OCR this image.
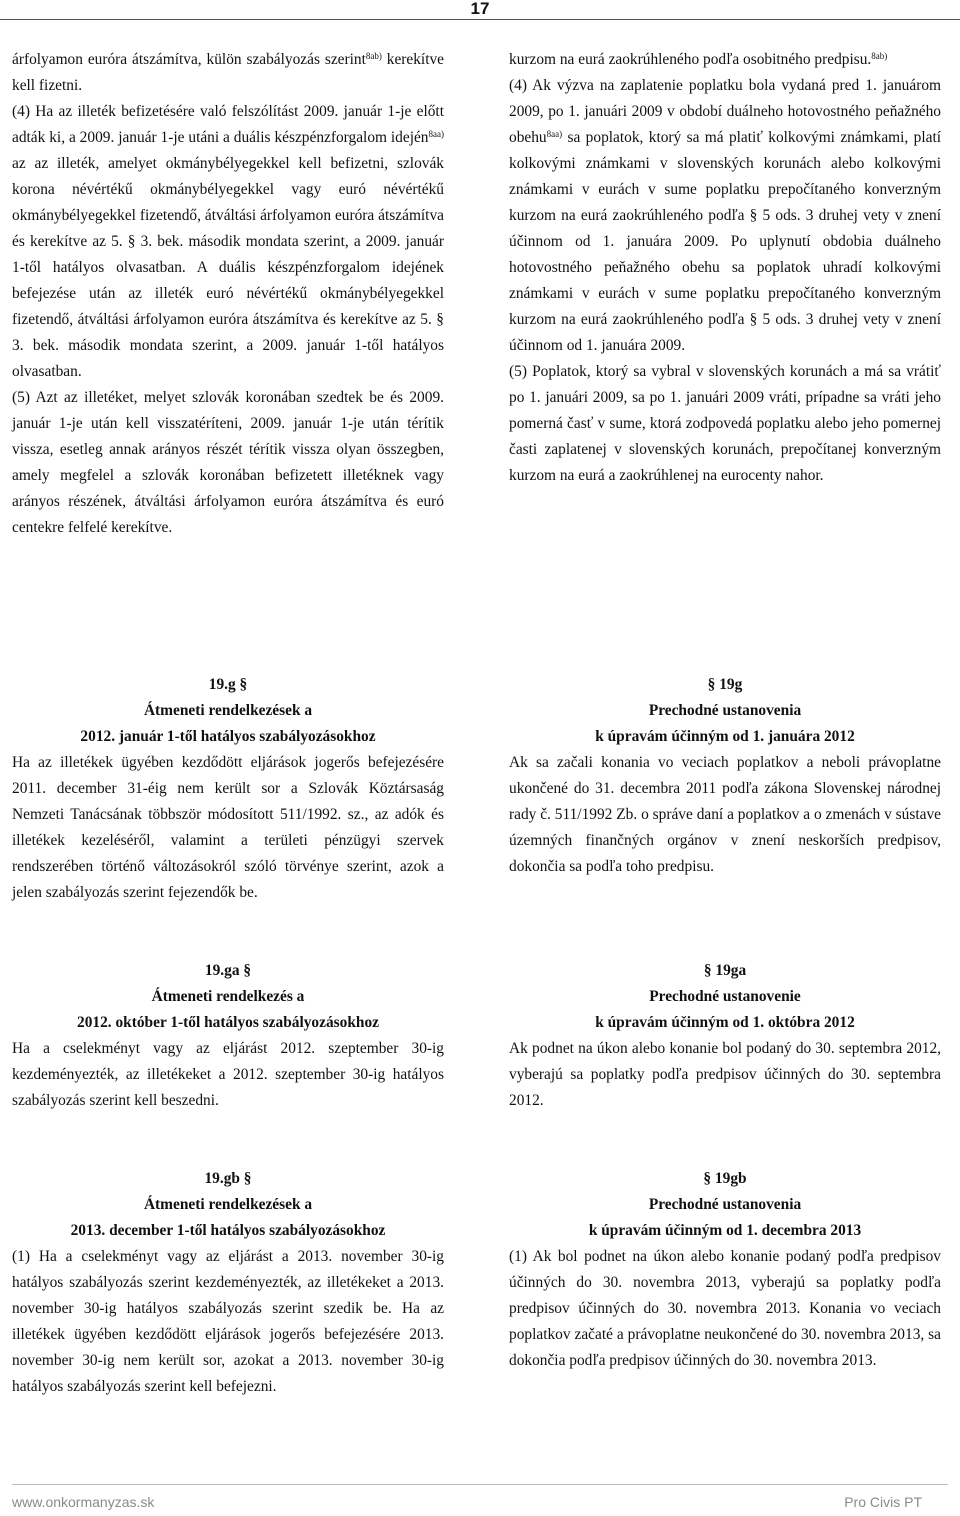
17

árfolyamon euróra átszámítva, külön szabályozás szerint$^{8ab)}$ kerekítve kell fizetni.

(4) Ha az illeték befizetésére való felszólítást 2009. január 1-je előtt adták ki, a 2009. január 1-je utáni a duális készpénzforgalom idején$^{8aa)}$ az az illeték, amelyet okmánybélyegekkel kell befizetni, szlovák korona névértékű okmánybélyegekkel vagy euró névértékű okmánybélyegekkel fizetendő, átváltási árfolyamon euróra átszámítva és kerekítve az 5. § 3. bek. második mondata szerint, a 2009. január 1-től hatályos olvasatban. A duális készpénzforgalom idejének befejezése után az illeték euró névértékű okmánybélyegekkel fizetendő, átváltási árfolyamon euróra átszámítva és kerekítve az 5. § 3. bek. második mondata szerint, a 2009. január 1-től hatályos olvasatban.

(5) Azt az illetéket, melyet szlovák koronában szedtek be és 2009. január 1-je után kell visszatéríteni, 2009. január 1-je után térítik vissza, esetleg annak arányos részét térítik vissza olyan összegben, amely megfelel a szlovák koronában befizetett illetéknek vagy arányos részének, átváltási árfolyamon euróra átszámítva és euró centekre felfelé kerekítve.

kurzom na eurá zaokrúhleného podľa osobitného predpisu.$^{8ab)}$

(4) Ak výzva na zaplatenie poplatku bola vydaná pred 1. januárom 2009, po 1. januári 2009 v období duálneho hotovostného peňažného obehu$^{8aa)}$ sa poplatok, ktorý sa má platiť kolkovými známkami, platí kolkovými známkami v slovenských korunách alebo kolkovými známkami v eurách v sume poplatku prepočítaného konverzným kurzom na eurá zaokrúhleného podľa § 5 ods. 3 druhej vety v znení účinnom od 1. januára 2009. Po uplynutí obdobia duálneho hotovostného peňažného obehu sa poplatok uhradí kolkovými známkami v eurách v sume poplatku prepočítaného konverzným kurzom na eurá zaokrúhleného podľa § 5 ods. 3 druhej vety v znení účinnom od 1. januára 2009.

(5) Poplatok, ktorý sa vybral v slovenských korunách a má sa vrátiť po 1. januári 2009, sa po 1. januári 2009 vráti, prípadne sa vráti jeho pomerná časť v sume, ktorá zodpovedá poplatku alebo jeho pomernej časti zaplatenej v slovenských korunách, prepočítanej konverzným kurzom na eurá a zaokrúhlenej na eurocenty nahor.

19.g §

Átmeneti rendelkezések a

2012. január 1-től hatályos szabályozásokhoz

Ha az illetékek ügyében kezdődött eljárások jogerős befejezésére 2011. december 31-éig nem került sor a Szlovák Köztársaság Nemzeti Tanácsának többször módosított 511/1992. sz., az adók és illetékek kezeléséről, valamint a területi pénzügyi szervek rendszerében történő változásokról szóló törvénye szerint, azok a jelen szabályozás szerint fejezendők be.

§ 19g

Prechodné ustanovenia

k úpravám účinným od 1. januára 2012

Ak sa začali konania vo veciach poplatkov a neboli právoplatne ukončené do 31. decembra 2011 podľa zákona Slovenskej národnej rady č. 511/1992 Zb. o správe daní a poplatkov a o zmenách v sústave územných finančných orgánov v znení neskorších predpisov, dokončia sa podľa toho predpisu.

19.ga §

Átmeneti rendelkezés a

2012. október 1-től hatályos szabályozásokhoz

Ha a cselekményt vagy az eljárást 2012. szeptember 30-ig kezdeményezték, az illetékeket a 2012. szeptember 30-ig hatályos szabályozás szerint kell beszedni.

§ 19ga

Prechodné ustanovenie

k úpravám účinným od 1. októbra 2012

Ak podnet na úkon alebo konanie bol podaný do 30. septembra 2012, vyberajú sa poplatky podľa predpisov účinných do 30. septembra 2012.

19.gb §

Átmeneti rendelkezések a

2013. december 1-től hatályos szabályozásokhoz

(1) Ha a cselekményt vagy az eljárást a 2013. november 30-ig hatályos szabályozás szerint kezdeményezték, az illetékeket a 2013. november 30-ig hatályos szabályozás szerint szedik be. Ha az illetékek ügyében kezdődött eljárások jogerős befejezésére 2013. november 30-ig nem került sor, azokat a 2013. november 30-ig hatályos szabályozás szerint kell befejezni.

§ 19gb

Prechodné ustanovenia

k úpravám účinným od 1. decembra 2013

(1) Ak bol podnet na úkon alebo konanie podaný podľa predpisov účinných do 30. novembra 2013, vyberajú sa poplatky podľa predpisov účinných do 30. novembra 2013. Konania vo veciach poplatkov začaté a právoplatne neukončené do 30. novembra 2013, sa dokončia podľa predpisov účinných do 30. novembra 2013.

www.onkormanyzas.sk	Pro Civis PT
